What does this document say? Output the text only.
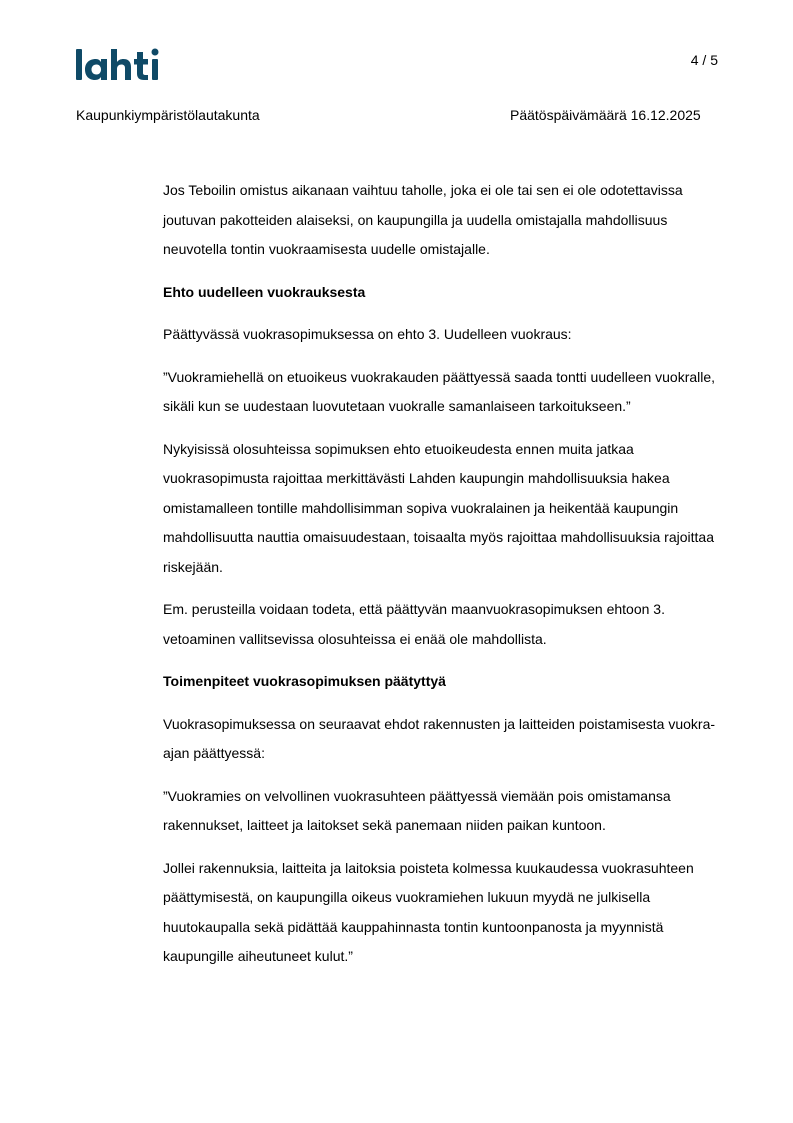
4 / 5
Kaupunkiympäristölautakunta	Päätöspäivämäärä 16.12.2025

Jos Teboilin omistus aikanaan vaihtuu taholle, joka ei ole tai sen ei ole odotettavissa joutuvan pakotteiden alaiseksi, on kaupungilla ja uudella omistajalla mahdollisuus neuvotella tontin vuokraamisesta uudelle omistajalle.

Ehto uudelleen vuokrauksesta

Päättyvässä vuokrasopimuksessa on ehto 3. Uudelleen vuokraus:

”Vuokramiehellä on etuoikeus vuokrakauden päättyessä saada tontti uudelleen vuokralle, sikäli kun se uudestaan luovutetaan vuokralle samanlaiseen tarkoitukseen.”

Nykyisissä olosuhteissa sopimuksen ehto etuoikeudesta ennen muita jatkaa vuokrasopimusta rajoittaa merkittävästi Lahden kaupungin mahdollisuuksia hakea omistamalleen tontille mahdollisimman sopiva vuokralainen ja heikentää kaupungin mahdollisuutta nauttia omaisuudestaan, toisaalta myös rajoittaa mahdollisuuksia rajoittaa riskejään.

Em. perusteilla voidaan todeta, että päättyvän maanvuokrasopimuksen ehtoon 3. vetoaminen vallitsevissa olosuhteissa ei enää ole mahdollista.

Toimenpiteet vuokrasopimuksen päätyttyä

Vuokrasopimuksessa on seuraavat ehdot rakennusten ja laitteiden poistamisesta vuokra-ajan päättyessä:

”Vuokramies on velvollinen vuokrasuhteen päättyessä viemään pois omistamansa rakennukset, laitteet ja laitokset sekä panemaan niiden paikan kuntoon.

Jollei rakennuksia, laitteita ja laitoksia poisteta kolmessa kuukaudessa vuokrasuhteen päättymisestä, on kaupungilla oikeus vuokramiehen lukuun myydä ne julkisella huutokaupalla sekä pidättää kauppahinnasta tontin kuntoonpanosta ja myynnistä kaupungille aiheutuneet kulut.”
